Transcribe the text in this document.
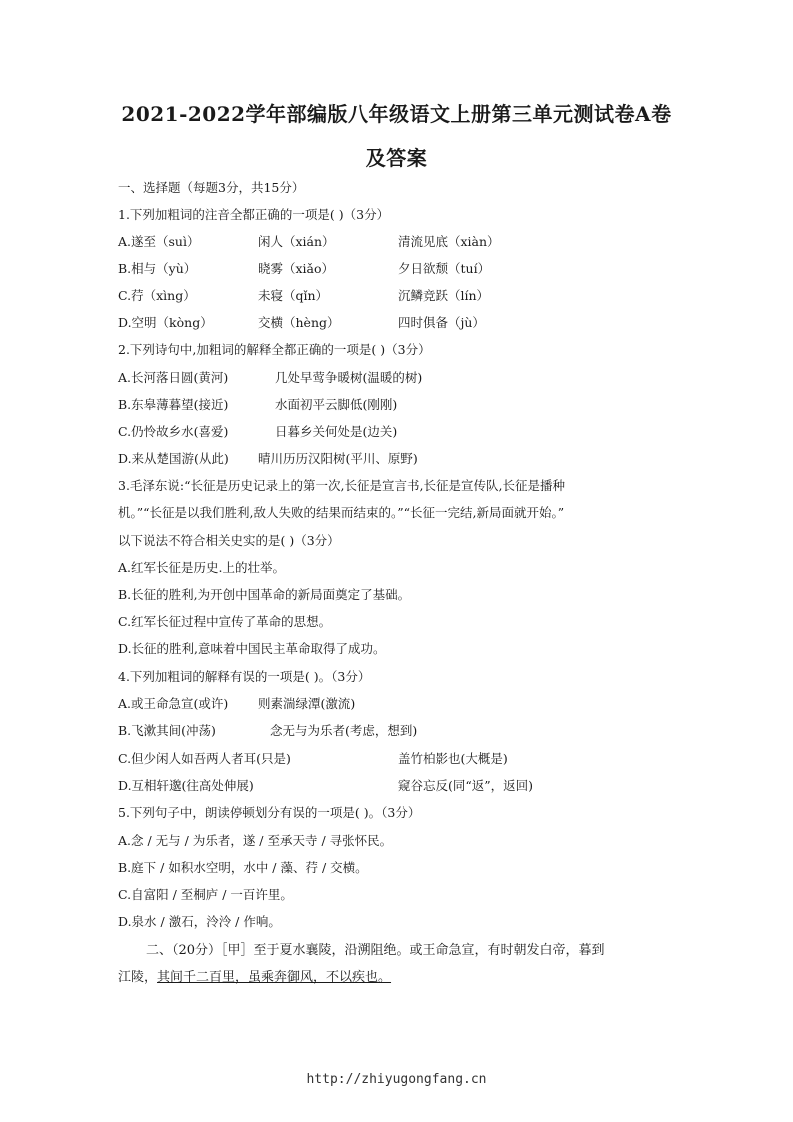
2021-2022学年部编版八年级语文上册第三单元测试卷A卷
及答案
一、选择题（每题3分，共15分）
1.下列加粗词的注音全都正确的一项是( )（3分）
A.遂至（suì）	闲人（xián）	清流见底（xiàn）
B.相与（yù）	晓雾（xiǎo）	夕日欲颓（tuí）
C.荇（xìng）	未寝（qǐn）	沉鳞竞跃（lín）
D.空明（kòng）	交横（hèng）	四时俱备（jù）
2.下列诗句中,加粗词的解释全都正确的一项是( )（3分）
A.长河落日圆(黄河)	几处早莺争暖树(温暖的树)
B.东皋薄暮望(接近)	水面初平云脚低(刚刚)
C.仍怜故乡水(喜爱)	日暮乡关何处是(边关)
D.来从楚国游(从此) 晴川历历汉阳树(平川、原野)
3.毛泽东说:“长征是历史记录上的第一次,长征是宣言书,长征是宣传队,长征是播种
机。”“长征是以我们胜利,敌人失败的结果而结束的。”“长征一完结,新局面就开始。”
以下说法不符合相关史实的是( )（3分）
A.红军长征是历史.上的壮举。
B.长征的胜利,为开创中国革命的新局面奠定了基础。
C.红军长征过程中宣传了革命的思想。
D.长征的胜利,意味着中国民主革命取得了成功。
4.下列加粗词的解释有误的一项是( )。（3分）
A.或王命急宣(或许) 则素湍绿潭(激流)
B.飞漱其间(冲荡)	念无与为乐者(考虑，想到)
C.但少闲人如吾两人者耳(只是)	盖竹柏影也(大概是)
D.互相轩邈(往高处伸展)	窥谷忘反(同“返”，返回)
5.下列句子中，朗读停顿划分有误的一项是( )。（3分）
A.念 / 无与 / 为乐者，遂 / 至承天寺 / 寻张怀民。
B.庭下 / 如积水空明，水中 / 藻、荇 / 交横。
C.自富阳 / 至桐庐 / 一百许里。
D.泉水 / 激石，泠泠 / 作响。
二、（20分）［甲］至于夏水襄陵，沿溯阻绝。或王命急宣，有时朝发白帝，暮到
江陵，其间千二百里，虽乘奔御风，不以疾也。
http://zhiyugongfang.cn
